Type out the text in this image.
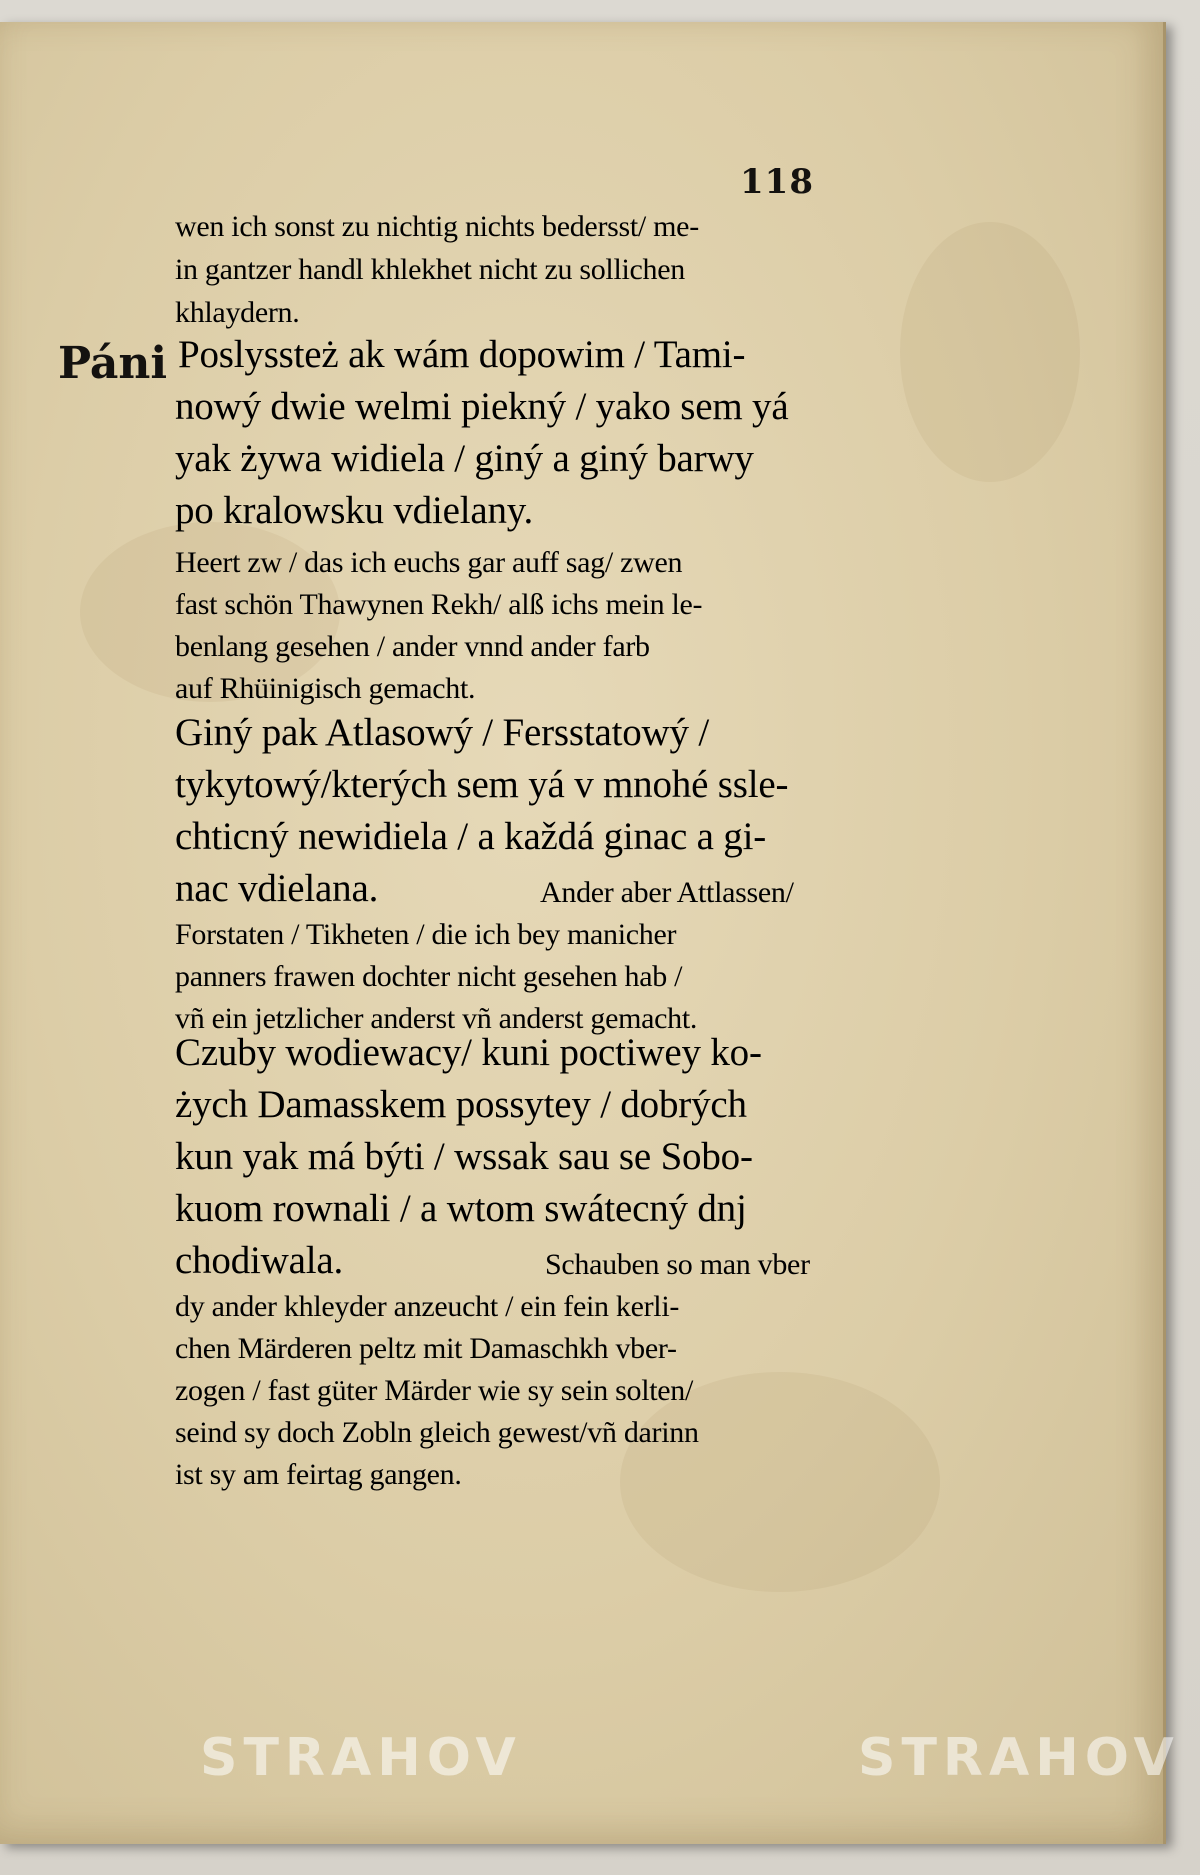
118
Páni
wen ich sonst zu nichtig nichts bedersst/ me-
in gantzer handl khlekhet nicht zu sollichen
khlaydern.
Poslyssteż ak wám dopowim / Tami-
nowý dwie welmi piekný / yako sem yá
yak żywa widiela / giný a giný barwy
po kralowsku vdielany.
Heert zw / das ich euchs gar auff sag/ zwen
fast schön Thawynen Rekh/ alß ichs mein le-
benlang gesehen / ander vnnd ander farb
auf Rhüinigisch gemacht.
Giný pak Atlasowý / Fersstatowý /
tykytowý/kterých sem yá v mnohé ssle-
chticný newidiela / a každá ginac a gi-
nac vdielana.	Ander aber Attlassen/
Forstaten / Tikheten / die ich bey manicher
panners frawen dochter nicht gesehen hab /
vñ ein jetzlicher anderst vñ anderst gemacht.
Czuby wodiewacy/ kuni poctiwey ko-
żych Damasskem possytey / dobrých
kun yak má býti / wssak sau se Sobo-
kuom rownali / a wtom swátecný dnj
chodiwala.	Schauben so man vber
dy ander khleyder anzeucht / ein fein kerli-
chen Märderen peltz mit Damaschkh vber-
zogen / fast güter Märder wie sy sein solten/
seind sy doch Zobln gleich gewest/vñ darinn
ist sy am feirtag gangen.
STRAHOV	STRAHOV
